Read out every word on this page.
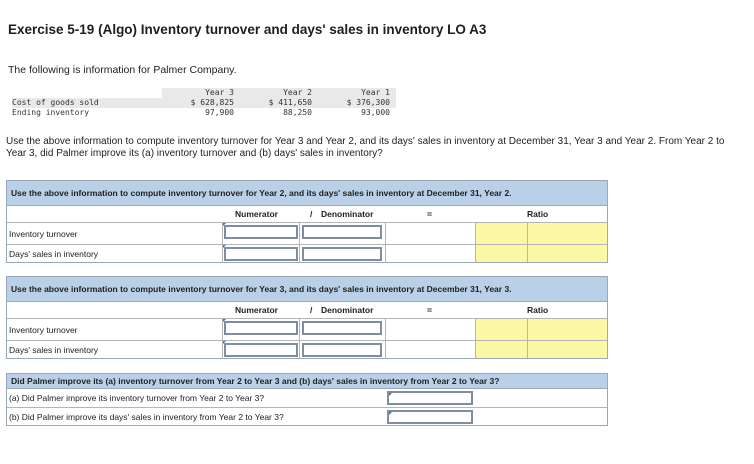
Exercise 5-19 (Algo) Inventory turnover and days' sales in inventory LO A3
The following is information for Palmer Company.
	Year 3	Year 2	Year 1
Cost of goods sold	$ 628,825	$ 411,650	$ 376,300
Ending inventory	97,900	88,250	93,000
Use the above information to compute inventory turnover for Year 3 and Year 2, and its days' sales in inventory at December 31, Year 3 and Year 2. From Year 2 to Year 3, did Palmer improve its (a) inventory turnover and (b) days' sales in inventory?
Use the above information to compute inventory turnover for Year 2, and its days' sales in inventory at December 31, Year 2.
Numerator	/ Denominator	=	Ratio
Inventory turnover
Days' sales in inventory
Use the above information to compute inventory turnover for Year 3, and its days' sales in inventory at December 31, Year 3.
Numerator	/ Denominator	=	Ratio
Inventory turnover
Days' sales in inventory
Did Palmer improve its (a) inventory turnover from Year 2 to Year 3 and (b) days' sales in inventory from Year 2 to Year 3?
(a) Did Palmer improve its inventory turnover from Year 2 to Year 3?
(b) Did Palmer improve its days' sales in inventory from Year 2 to Year 3?
